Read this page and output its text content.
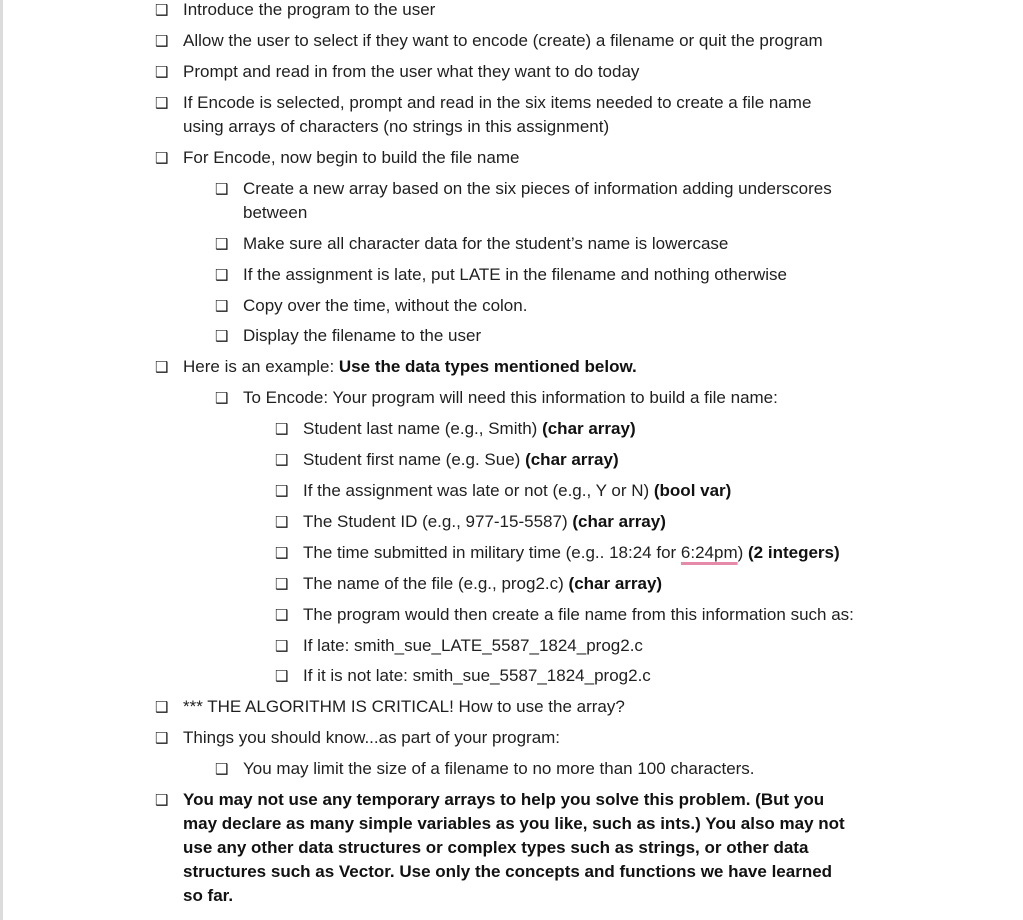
❑ Introduce the program to the user
❑ Allow the user to select if they want to encode (create) a filename or quit the program
❑ Prompt and read in from the user what they want to do today
❑ If Encode is selected, prompt and read in the six items needed to create a file name
using arrays of characters (no strings in this assignment)
❑ For Encode, now begin to build the file name
❑ Create a new array based on the six pieces of information adding underscores
between
❑ Make sure all character data for the student’s name is lowercase
❑ If the assignment is late, put LATE in the filename and nothing otherwise
❑ Copy over the time, without the colon.
❑ Display the filename to the user
❑ Here is an example: Use the data types mentioned below.
❑ To Encode: Your program will need this information to build a file name:
❑ Student last name (e.g., Smith) (char array)
❑ Student first name (e.g. Sue) (char array)
❑ If the assignment was late or not (e.g., Y or N) (bool var)
❑ The Student ID (e.g., 977-15-5587) (char array)
❑ The time submitted in military time (e.g.. 18:24 for 6:24pm) (2 integers)
❑ The name of the file (e.g., prog2.c) (char array)
❑ The program would then create a file name from this information such as:
❑ If late: smith_sue_LATE_5587_1824_prog2.c
❑ If it is not late: smith_sue_5587_1824_prog2.c
❑ *** THE ALGORITHM IS CRITICAL! How to use the array?
❑ Things you should know...as part of your program:
❑ You may limit the size of a filename to no more than 100 characters.
❑ You may not use any temporary arrays to help you solve this problem. (But you
may declare as many simple variables as you like, such as ints.) You also may not
use any other data structures or complex types such as strings, or other data
structures such as Vector. Use only the concepts and functions we have learned
so far.
